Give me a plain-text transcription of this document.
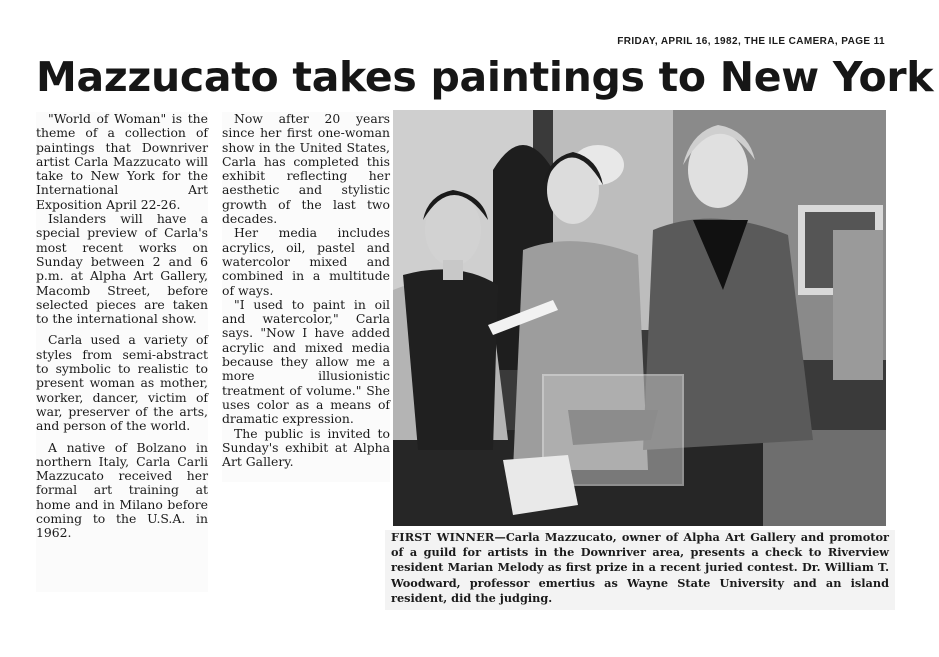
FRIDAY, APRIL 16, 1982, THE ILE CAMERA, PAGE 11
Mazzucato takes paintings to New York

"World of Woman" is the theme of a collection of paintings that Downriver artist Carla Mazzucato will take to New York for the International Art Exposition April 22-26.

Islanders will have a special preview of Carla's most recent works on Sunday between 2 and 6 p.m. at Alpha Art Gallery, Macomb Street, before selected pieces are taken to the international show.

Carla used a variety of styles from semi-abstract to symbolic to realistic to present woman as mother, worker, dancer, victim of war, preserver of the arts, and person of the world.

A native of Bolzano in northern Italy, Carla Carli Mazzucato received her formal art training at home and in Milano before coming to the U.S.A. in 1962.

Now after 20 years since her first one-woman show in the United States, Carla has completed this exhibit reflecting her aesthetic and stylistic growth of the last two decades.

Her media includes acrylics, oil, pastel and watercolor mixed and combined in a multitude of ways.

"I used to paint in oil and watercolor," Carla says. "Now I have added acrylic and mixed media because they allow me a more illusionistic treatment of volume." She uses color as a means of dramatic expression.

The public is invited to Sunday's exhibit at Alpha Art Gallery.

FIRST WINNER—Carla Mazzucato, owner of Alpha Art Gallery and promotor of a guild for artists in the Downriver area, presents a check to Riverview resident Marian Melody as first prize in a recent juried contest. Dr. William T. Woodward, professor emertius as Wayne State University and an island resident, did the judging.
